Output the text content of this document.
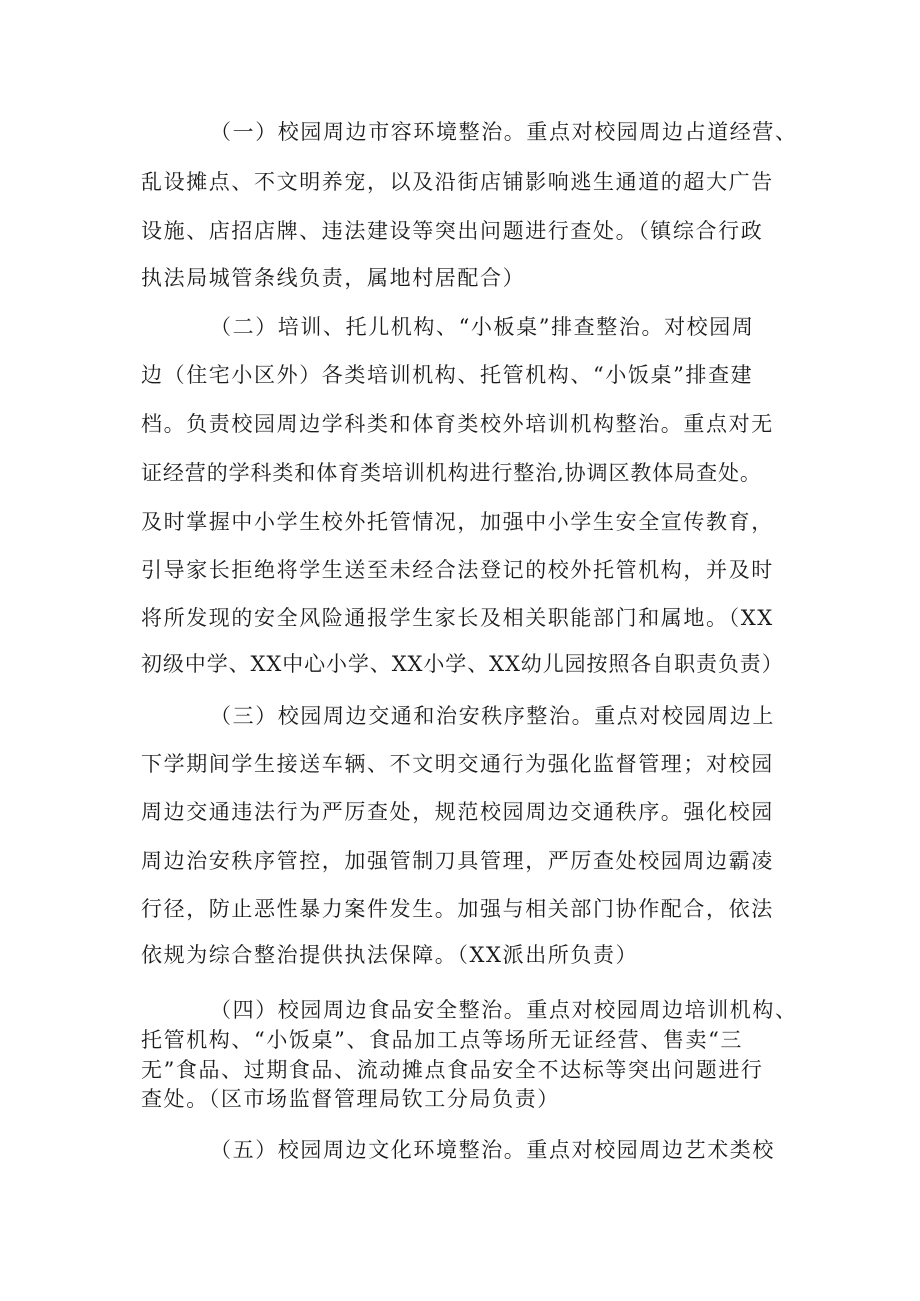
（一）校园周边市容环境整治。重点对校园周边占道经营、
乱设摊点、不文明养宠，以及沿街店铺影响逃生通道的超大广告
设施、店招店牌、违法建设等突出问题进行查处。（镇综合行政
执法局城管条线负责，属地村居配合）
（二）培训、托儿机构、“小板桌”排查整治。对校园周
边（住宅小区外）各类培训机构、托管机构、“小饭桌”排查建
档。负责校园周边学科类和体育类校外培训机构整治。重点对无
证经营的学科类和体育类培训机构进行整治,协调区教体局查处。
及时掌握中小学生校外托管情况，加强中小学生安全宣传教育，
引导家长拒绝将学生送至未经合法登记的校外托管机构，并及时
将所发现的安全风险通报学生家长及相关职能部门和属地。（XX
初级中学、XX中心小学、XX小学、XX幼儿园按照各自职责负责）
（三）校园周边交通和治安秩序整治。重点对校园周边上
下学期间学生接送车辆、不文明交通行为强化监督管理；对校园
周边交通违法行为严厉查处，规范校园周边交通秩序。强化校园
周边治安秩序管控，加强管制刀具管理，严厉查处校园周边霸凌
行径，防止恶性暴力案件发生。加强与相关部门协作配合，依法
依规为综合整治提供执法保障。（XX派出所负责）
（四）校园周边食品安全整治。重点对校园周边培训机构、
托管机构、“小饭桌”、食品加工点等场所无证经营、售卖“三
无”食品、过期食品、流动摊点食品安全不达标等突出问题进行
查处。（区市场监督管理局钦工分局负责）
（五）校园周边文化环境整治。重点对校园周边艺术类校
